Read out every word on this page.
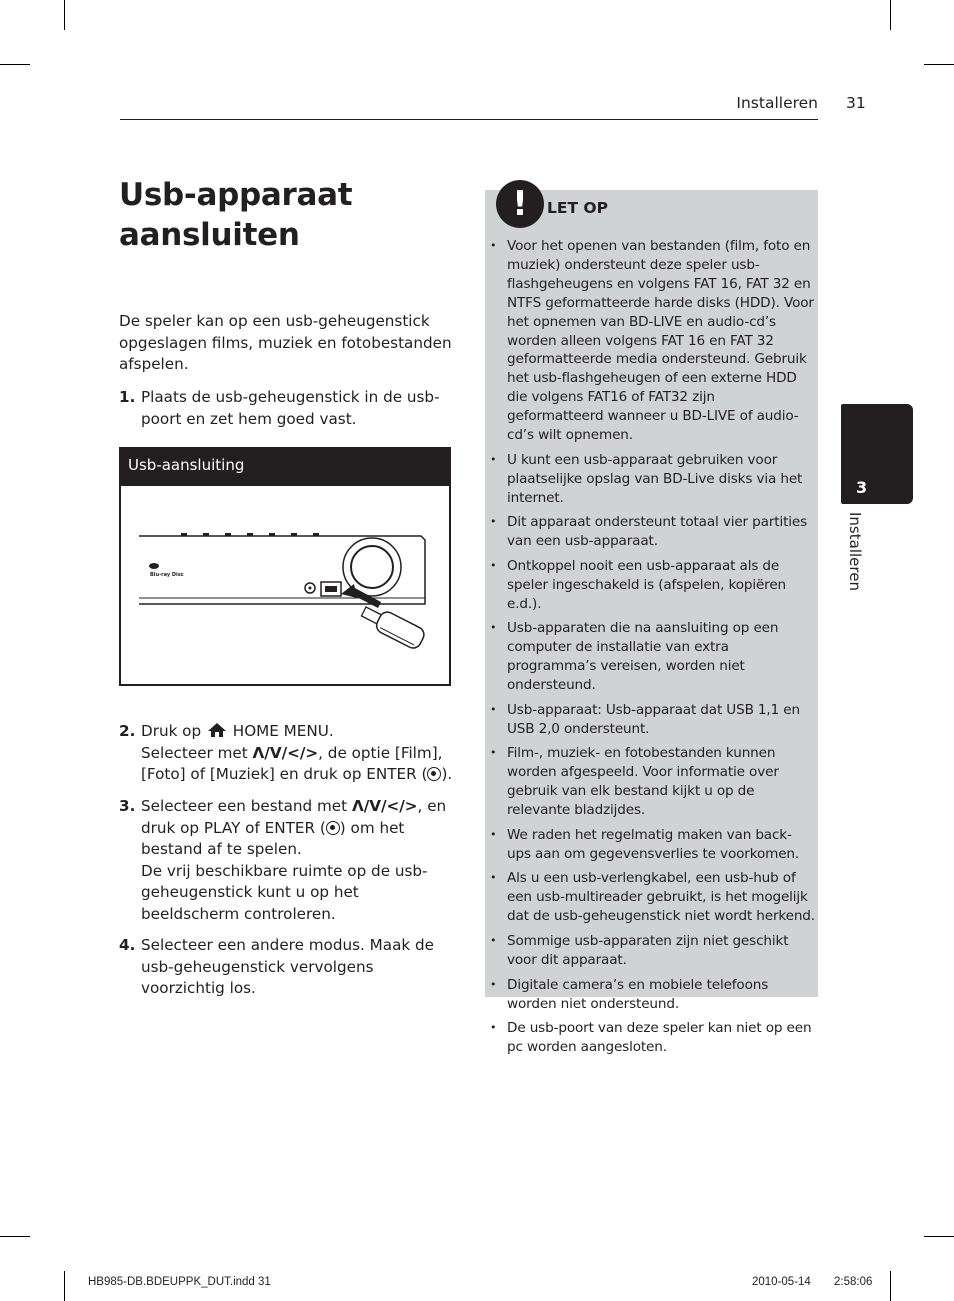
Installeren 31
Usb-apparaat aansluiten
De speler kan op een usb-geheugenstick opgeslagen films, muziek en fotobestanden afspelen.
1. Plaats de usb-geheugenstick in de usb-poort en zet hem goed vast.
Usb-aansluiting
Blu-ray Disc
2. Druk op HOME MENU.
Selecteer met Λ/V/</>, de optie [Film], [Foto] of [Muziek] en druk op ENTER ( ).
3. Selecteer een bestand met Λ/V/</>, en druk op PLAY of ENTER ( ) om het bestand af te spelen.
De vrij beschikbare ruimte op de usb-geheugenstick kunt u op het beeldscherm controleren.
4. Selecteer een andere modus. Maak de usb-geheugenstick vervolgens voorzichtig los.
!	LET OP
• Voor het openen van bestanden (film, foto en muziek) ondersteunt deze speler usb-flashgeheugens en volgens FAT 16, FAT 32 en NTFS geformatteerde harde disks (HDD). Voor het opnemen van BD-LIVE en audio-cd’s worden alleen volgens FAT 16 en FAT 32 geformatteerde media ondersteund. Gebruik het usb-flashgeheugen of een externe HDD die volgens FAT16 of FAT32 zijn geformatteerd wanneer u BD-LIVE of audio-cd’s wilt opnemen.
• U kunt een usb-apparaat gebruiken voor plaatselijke opslag van BD-Live disks via het internet.
• Dit apparaat ondersteunt totaal vier partities van een usb-apparaat.
• Ontkoppel nooit een usb-apparaat als de speler ingeschakeld is (afspelen, kopiëren e.d.).
• Usb-apparaten die na aansluiting op een computer de installatie van extra programma’s vereisen, worden niet ondersteund.
• Usb-apparaat: Usb-apparaat dat USB 1,1 en USB 2,0 ondersteunt.
• Film-, muziek- en fotobestanden kunnen worden afgespeeld. Voor informatie over gebruik van elk bestand kijkt u op de relevante bladzijdes.
• We raden het regelmatig maken van back-ups aan om gegevensverlies te voorkomen.
• Als u een usb-verlengkabel, een usb-hub of een usb-multireader gebruikt, is het mogelijk dat de usb-geheugenstick niet wordt herkend.
• Sommige usb-apparaten zijn niet geschikt voor dit apparaat.
• Digitale camera’s en mobiele telefoons worden niet ondersteund.
• De usb-poort van deze speler kan niet op een pc worden aangesloten.
3
Installeren
HB985-DB.BDEUPPK_DUT.indd 31	2010-05-14 2:58:06
